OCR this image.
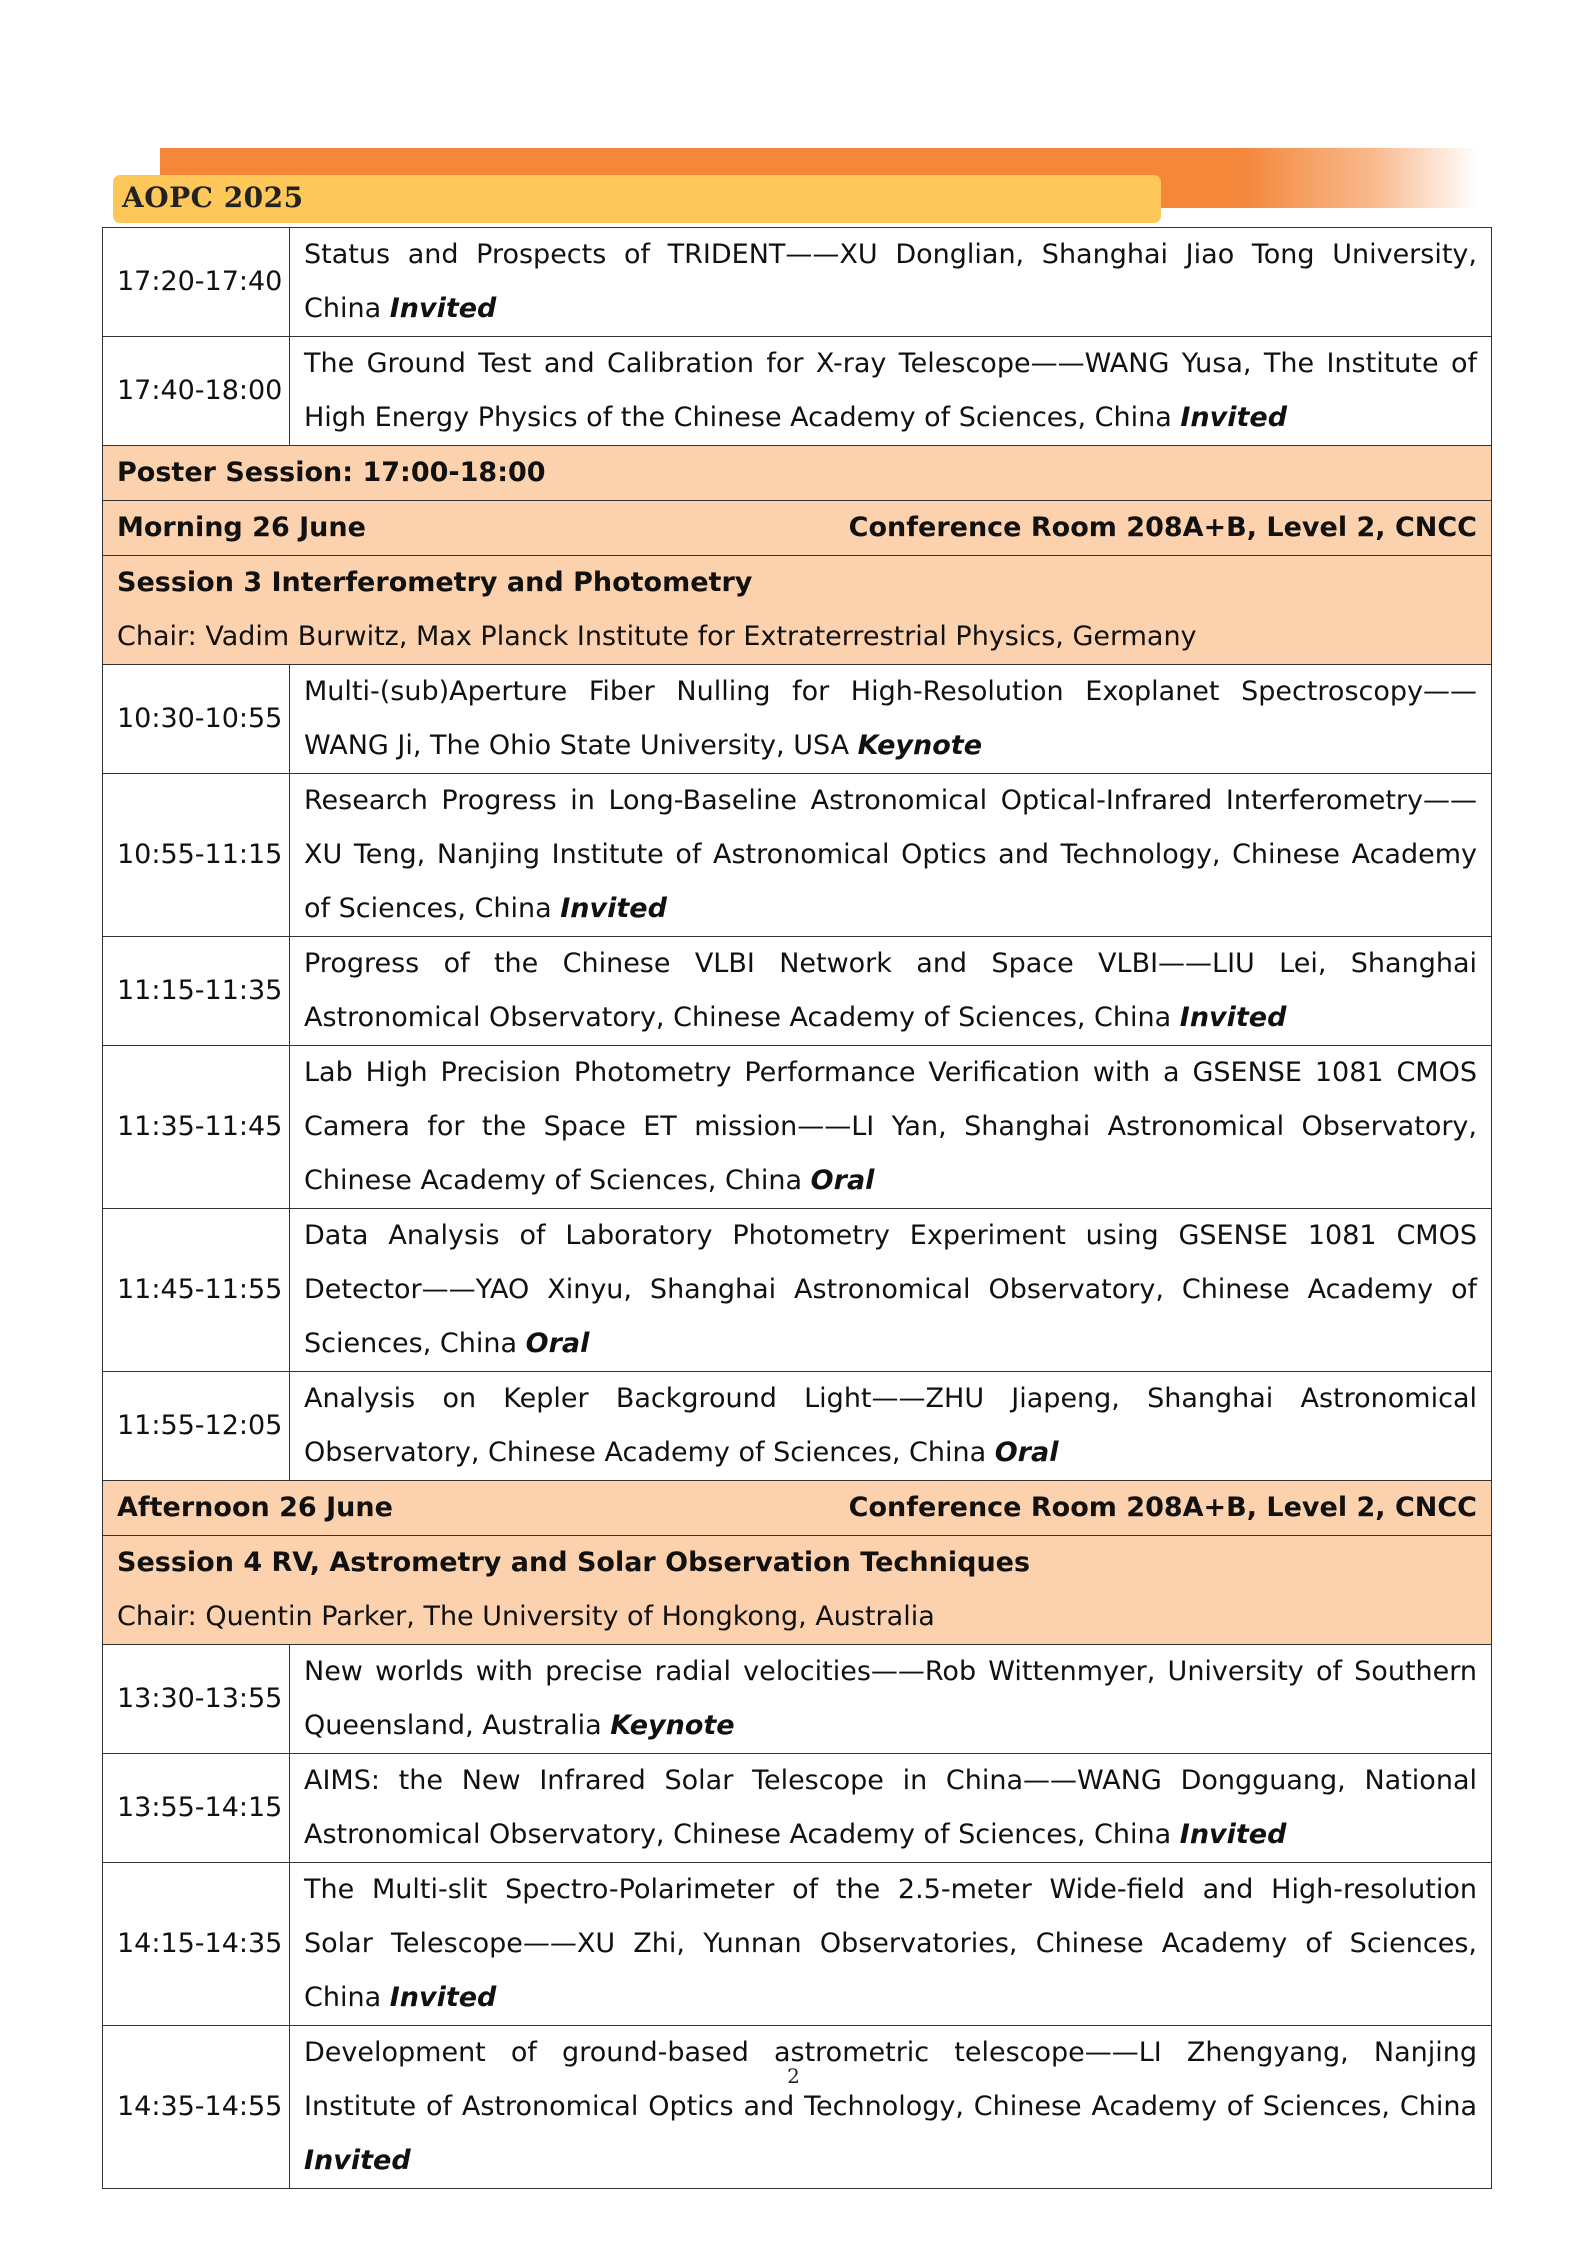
AOPC 2025
17:20-17:40	Status and Prospects of TRIDENT——XU Donglian, Shanghai Jiao Tong University, China Invited
17:40-18:00	The Ground Test and Calibration for X-ray Telescope——WANG Yusa, The Institute of High Energy Physics of the Chinese Academy of Sciences, China Invited
Poster Session: 17:00-18:00	

Morning 26 June Conference Room 208A+B, Level 2, CNCC	

Session 3 Interferometry and Photometry
Chair: Vadim Burwitz, Max Planck Institute for Extraterrestrial Physics, Germany	

10:30-10:55	Multi-(sub)Aperture Fiber Nulling for High-Resolution Exoplanet Spectroscopy——WANG Ji, The Ohio State University, USA Keynote
10:55-11:15	Research Progress in Long-Baseline Astronomical Optical-Infrared Interferometry——XU Teng, Nanjing Institute of Astronomical Optics and Technology, Chinese Academy of Sciences, China Invited
11:15-11:35	Progress of the Chinese VLBI Network and Space VLBI——LIU Lei, Shanghai Astronomical Observatory, Chinese Academy of Sciences, China Invited
11:35-11:45	Lab High Precision Photometry Performance Verification with a GSENSE 1081 CMOS Camera for the Space ET mission——LI Yan, Shanghai Astronomical Observatory, Chinese Academy of Sciences, China Oral
11:45-11:55	Data Analysis of Laboratory Photometry Experiment using GSENSE 1081 CMOS Detector——YAO Xinyu, Shanghai Astronomical Observatory, Chinese Academy of Sciences, China Oral
11:55-12:05	Analysis on Kepler Background Light——ZHU Jiapeng, Shanghai Astronomical Observatory, Chinese Academy of Sciences, China Oral

Afternoon 26 June Conference Room 208A+B, Level 2, CNCC	

Session 4 RV, Astrometry and Solar Observation Techniques
Chair: Quentin Parker, The University of Hongkong, Australia	

13:30-13:55	New worlds with precise radial velocities——Rob Wittenmyer, University of Southern Queensland, Australia Keynote
13:55-14:15	AIMS: the New Infrared Solar Telescope in China——WANG Dongguang, National Astronomical Observatory, Chinese Academy of Sciences, China Invited
14:15-14:35	The Multi-slit Spectro-Polarimeter of the 2.5-meter Wide-field and High-resolution Solar Telescope——XU Zhi, Yunnan Observatories, Chinese Academy of Sciences, China Invited
14:35-14:55	Development of ground-based astrometric telescope——LI Zhengyang, Nanjing Institute of Astronomical Optics and Technology, Chinese Academy of Sciences, China Invited
2
